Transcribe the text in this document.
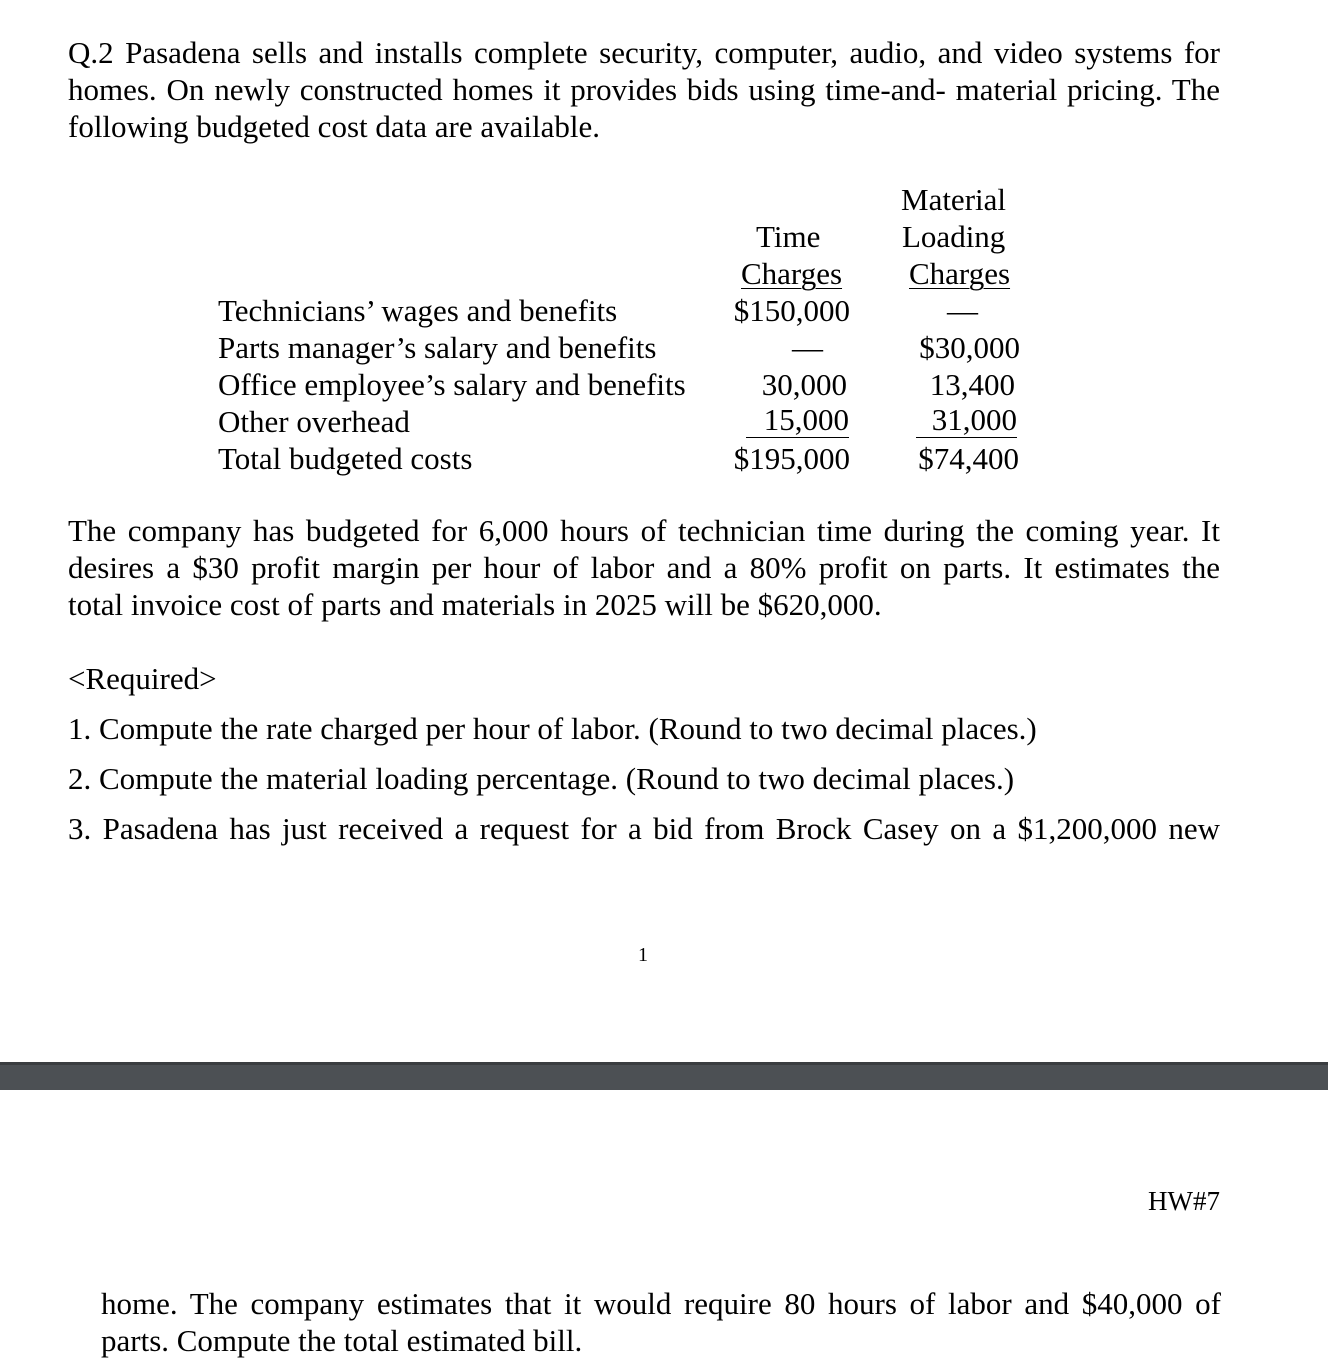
Q.2 Pasadena sells and installs complete security, computer, audio, and video systems for
homes. On newly constructed homes it provides bids using time-and- material pricing. The
following budgeted cost data are available.
Time
Charges
Material
Loading
Charges
Technicians’ wages and benefits
Parts manager’s salary and benefits
Office employee’s salary and benefits
Other overhead
Total budgeted costs
$150,000
—
30,000
15,000
$195,000
—
$30,000
13,400
31,000
$74,400
The company has budgeted for 6,000 hours of technician time during the coming year. It
desires a $30 profit margin per hour of labor and a 80% profit on parts. It estimates the
total invoice cost of parts and materials in 2025 will be $620,000.
<Required>
1. Compute the rate charged per hour of labor. (Round to two decimal places.)
2. Compute the material loading percentage. (Round to two decimal places.)
3. Pasadena has just received a request for a bid from Brock Casey on a $1,200,000 new
1
HW#7
home. The company estimates that it would require 80 hours of labor and $40,000 of
parts. Compute the total estimated bill.
